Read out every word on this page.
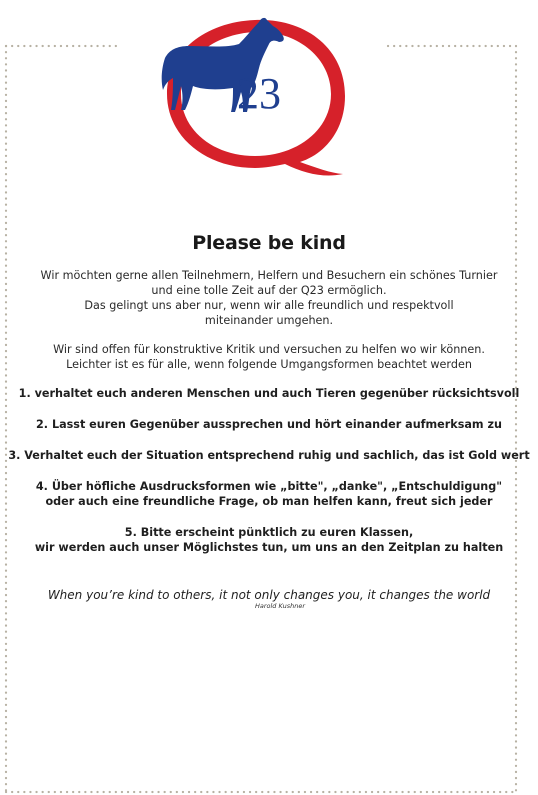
23
Please be kind
Wir möchten gerne allen Teilnehmern, Helfern und Besuchern ein schönes Turnier
und eine tolle Zeit auf der Q23 ermöglich.
Das gelingt uns aber nur, wenn wir alle freundlich und respektvoll
miteinander umgehen.
Wir sind offen für konstruktive Kritik und versuchen zu helfen wo wir können.
Leichter ist es für alle, wenn folgende Umgangsformen beachtet werden
1. verhaltet euch anderen Menschen und auch Tieren gegenüber rücksichtsvoll
2. Lasst euren Gegenüber aussprechen und hört einander aufmerksam zu
3. Verhaltet euch der Situation entsprechend ruhig und sachlich, das ist Gold wert
4. Über höfliche Ausdrucksformen wie „bitte", „danke", „Entschuldigung"
oder auch eine freundliche Frage, ob man helfen kann, freut sich jeder
5. Bitte erscheint pünktlich zu euren Klassen,
wir werden auch unser Möglichstes tun, um uns an den Zeitplan zu halten
When you’re kind to others, it not only changes you, it changes the world
Harold Kushner
